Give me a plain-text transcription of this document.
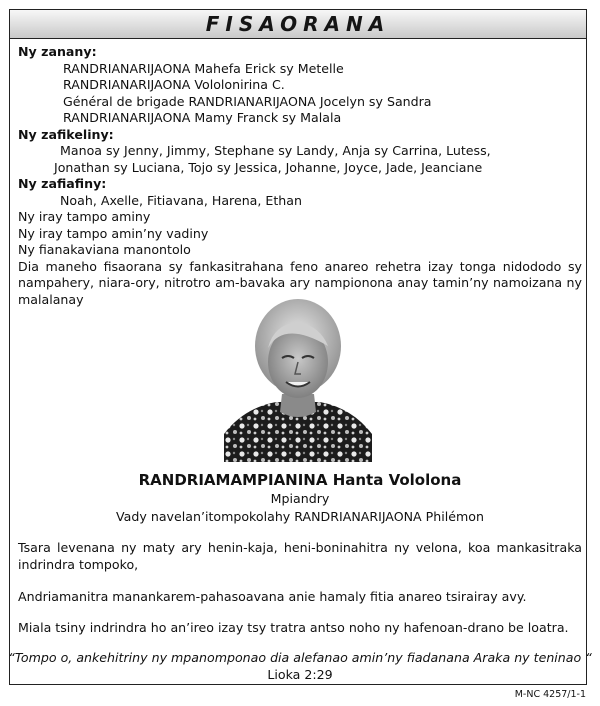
FISAORANA
Ny zanany:
RANDRIANARIJAONA Mahefa Erick sy Metelle
RANDRIANARIJAONA Vololonirina C.
Général de brigade RANDRIANARIJAONA Jocelyn sy Sandra
RANDRIANARIJAONA Mamy Franck sy Malala
Ny zafikeliny:
Manoa sy Jenny, Jimmy, Stephane sy Landy, Anja sy Carrina, Lutess,
Jonathan sy Luciana, Tojo sy Jessica, Johanne, Joyce, Jade, Jeanciane
Ny zafiafiny:
Noah, Axelle, Fitiavana, Harena, Ethan
Ny iray tampo aminy
Ny iray tampo amin’ny vadiny
Ny fianakaviana manontolo
Dia maneho fisaorana sy fankasitrahana feno anareo rehetra izay tonga nidododo sy nampahery, niara-ory, nitrotro am-bavaka ary nampionona anay tamin’ny namoizana ny malalanay
RANDRIAMAMPIANINA Hanta Vololona
Mpiandry
Vady navelan’itompokolahy RANDRIANARIJAONA Philémon
Tsara levenana ny maty ary henin-kaja, heni-boninahitra ny velona, koa mankasitraka indrindra tompoko,
Andriamanitra manankarem-pahasoavana anie hamaly fitia anareo tsirairay avy.
Miala tsiny indrindra ho an’ireo izay tsy tratra antso noho ny hafenoan-drano be loatra.
“Tompo o, ankehitriny ny mpanomponao dia alefanao amin’ny fiadanana Araka ny teninao “
Lioka 2:29
M-NC 4257/1-1
